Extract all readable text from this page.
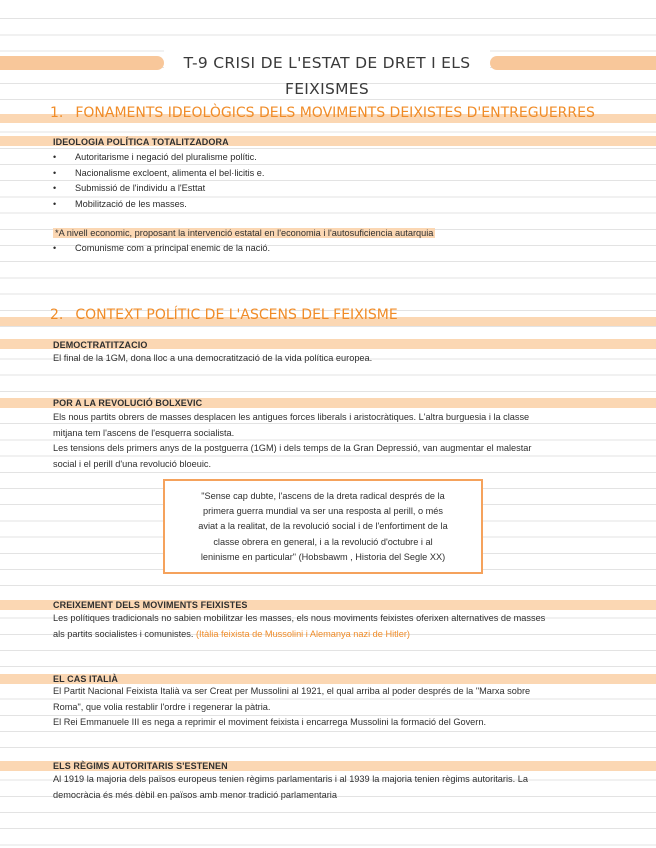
T-9 CRISI DE L'ESTAT DE DRET I ELS FEIXISMES
1. FONAMENTS IDEOLÒGICS DELS MOVIMENTS DEIXISTES D'ENTREGUERRES
IDEOLOGIA POLÍTICA TOTALITZADORA
• Autoritarisme i negació del pluralisme polític.
• Nacionalisme excloent, alimenta el bel·licitis e.
• Submissió de l'individu a l'Esttat
• Mobilització de les masses.
*A nivell economic, proposant la intervenció estatal en l'economia i l'autosuficiencia autarquia
• Comunisme com a principal enemic de la nació.
2. CONTEXT POLÍTIC DE L'ASCENS DEL FEIXISME
DEMOCTRATITZACIO
El final de la 1GM, dona lloc a una democratització de la vida política europea.
POR A LA REVOLUCIÓ BOLXEVIC
Els nous partits obrers de masses desplacen les antigues forces liberals i aristocràtiques. L'altra burguesia i la classe
mitjana tem l'ascens de l'esquerra socialista.
Les tensions dels primers anys de la postguerra (1GM) i dels temps de la Gran Depressió, van augmentar el malestar
social i el perill d'una revolució bloeuic.
"Sense cap dubte, l'ascens de la dreta radical després de la
primera guerra mundial va ser una resposta al perill, o més
aviat a la realitat, de la revolució social i de l'enfortiment de la
classe obrera en general, i a la revolució d'octubre i al
leninisme en particular" (Hobsbawm , Historia del Segle XX)
CREIXEMENT DELS MOVIMENTS FEIXISTES
Les polítiques tradicionals no sabien mobilitzar les masses, els nous moviments feixistes oferixen alternatives de masses
als partits socialistes i comunistes. (Itàlia feixista de Mussolini i Alemanya nazi de Hitler)
EL CAS ITALIÀ
El Partit Nacional Feixista Italià va ser Creat per Mussolini al 1921, el qual arriba al poder després de la "Marxa sobre
Roma", que volia restablir l'ordre i regenerar la pàtria.
El Rei Emmanuele III es nega a reprimir el moviment feixista i encarrega Mussolini la formació del Govern.
ELS RÈGIMS AUTORITARIS S'ESTENEN
Al 1919 la majoria dels països europeus tenien règims parlamentaris i al 1939 la majoria tenien règims autoritaris. La
democràcia és més dèbil en països amb menor tradició parlamentaria
